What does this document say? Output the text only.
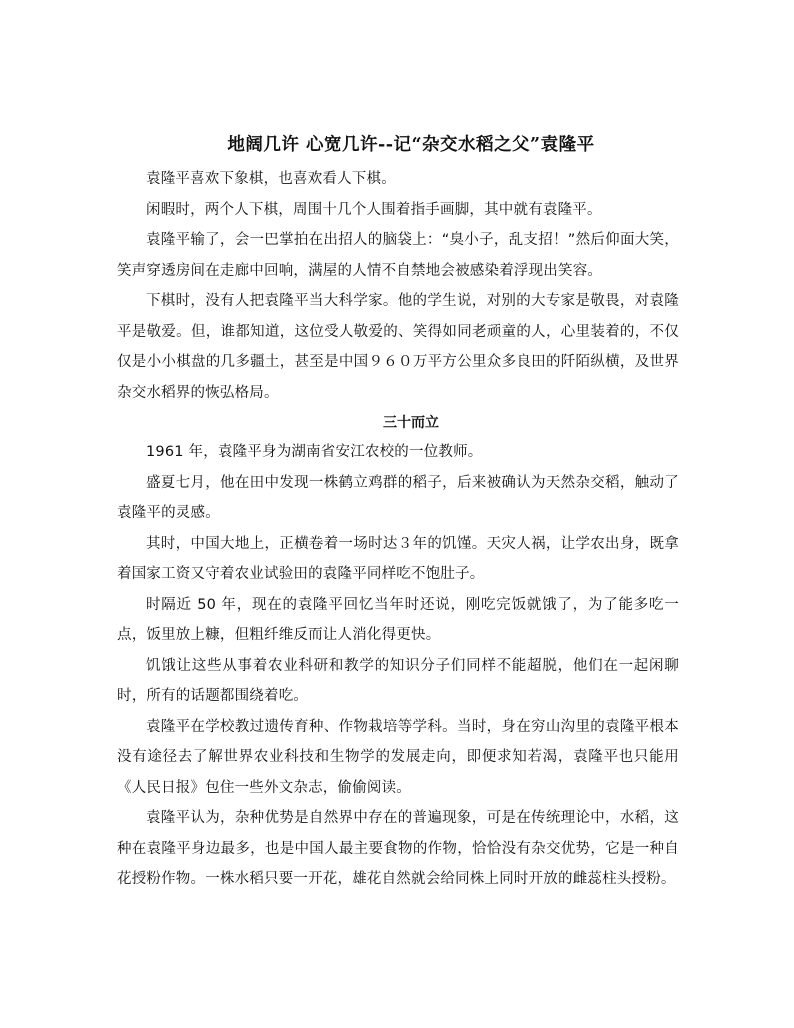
地阔几许 心宽几许--记“杂交水稻之父”袁隆平

袁隆平喜欢下象棋，也喜欢看人下棋。

闲暇时，两个人下棋，周围十几个人围着指手画脚，其中就有袁隆平。

袁隆平输了，会一巴掌拍在出招人的脑袋上：“臭小子，乱支招！”然后仰面大笑，笑声穿透房间在走廊中回响，满屋的人情不自禁地会被感染着浮现出笑容。

下棋时，没有人把袁隆平当大科学家。他的学生说，对别的大专家是敬畏，对袁隆平是敬爱。但，谁都知道，这位受人敬爱的、笑得如同老顽童的人，心里装着的，不仅仅是小小棋盘的几多疆土，甚至是中国９６０万平方公里众多良田的阡陌纵横，及世界杂交水稻界的恢弘格局。

三十而立

1961 年，袁隆平身为湖南省安江农校的一位教师。

盛夏七月，他在田中发现一株鹤立鸡群的稻子，后来被确认为天然杂交稻，触动了袁隆平的灵感。

其时，中国大地上，正横卷着一场时达３年的饥馑。天灾人祸，让学农出身，既拿着国家工资又守着农业试验田的袁隆平同样吃不饱肚子。

时隔近 50 年，现在的袁隆平回忆当年时还说，刚吃完饭就饿了，为了能多吃一点，饭里放上糠，但粗纤维反而让人消化得更快。

饥饿让这些从事着农业科研和教学的知识分子们同样不能超脱，他们在一起闲聊时，所有的话题都围绕着吃。

袁隆平在学校教过遗传育种、作物栽培等学科。当时，身在穷山沟里的袁隆平根本没有途径去了解世界农业科技和生物学的发展走向，即便求知若渴，袁隆平也只能用《人民日报》包住一些外文杂志，偷偷阅读。

袁隆平认为，杂种优势是自然界中存在的普遍现象，可是在传统理论中，水稻，这种在袁隆平身边最多，也是中国人最主要食物的作物，恰恰没有杂交优势，它是一种自花授粉作物。一株水稻只要一开花，雄花自然就会给同株上同时开放的雌蕊柱头授粉。
